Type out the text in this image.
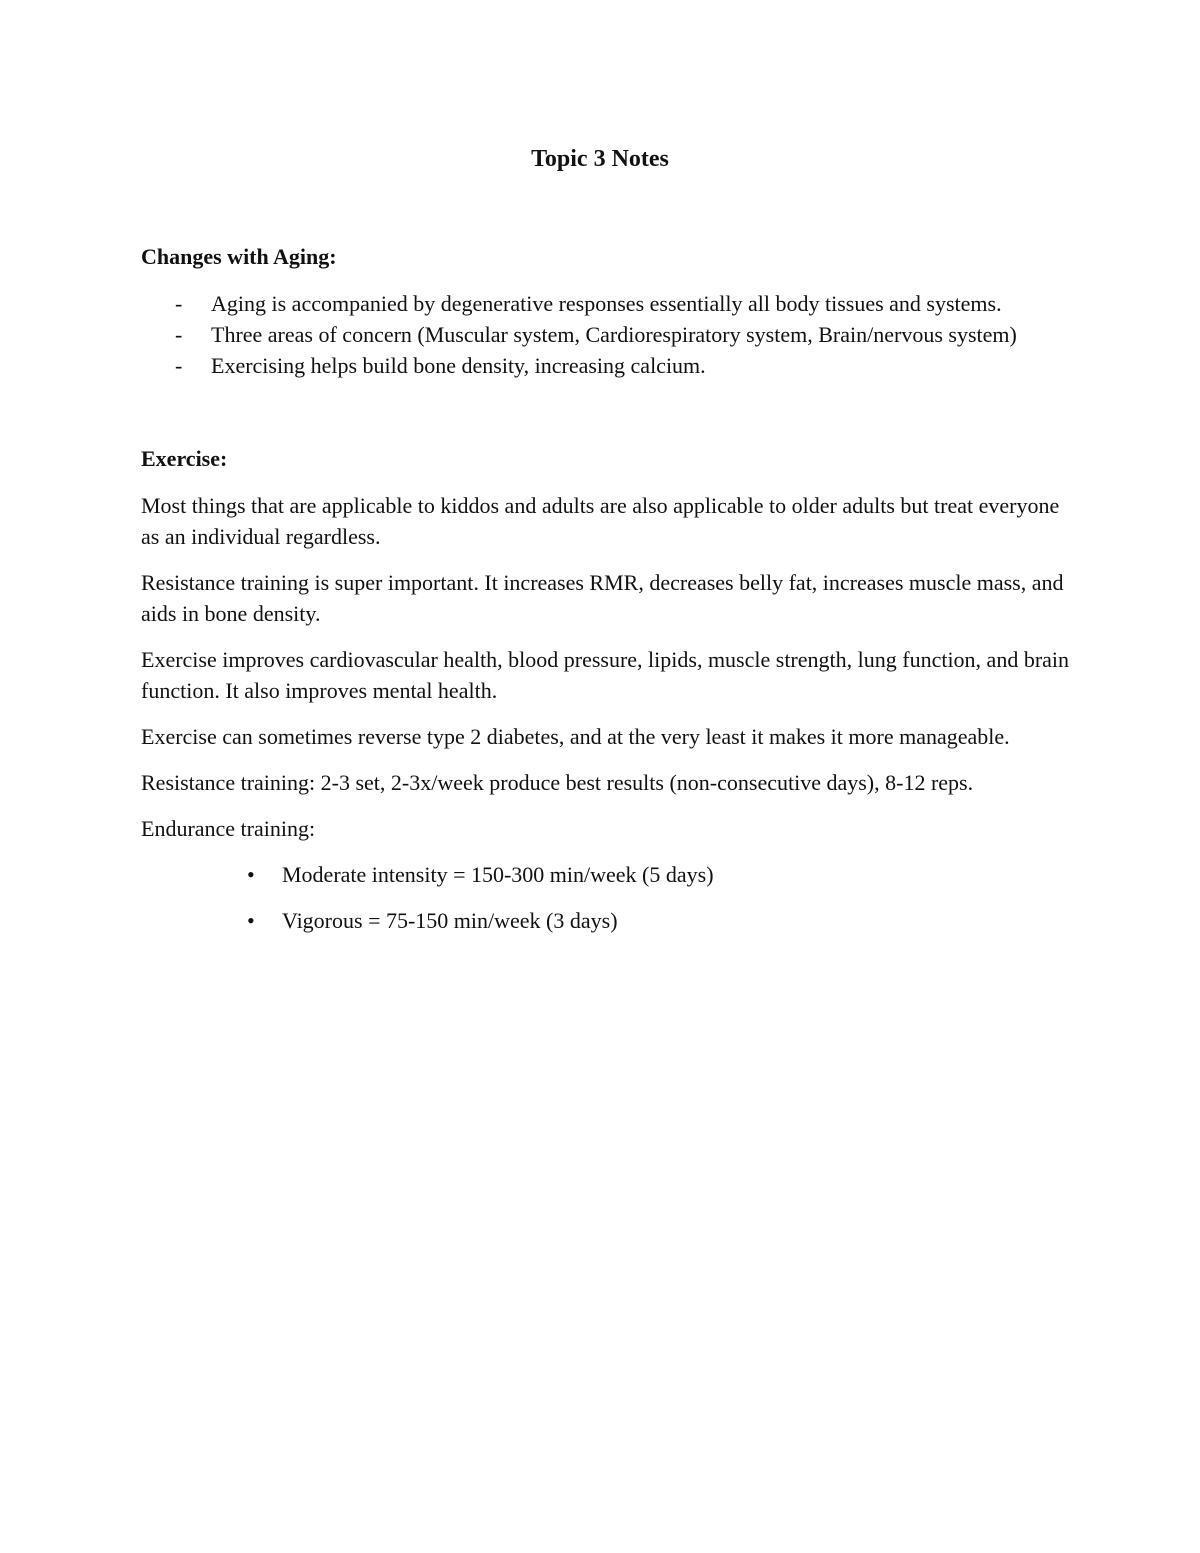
Topic 3 Notes

Changes with Aging:

- Aging is accompanied by degenerative responses essentially all body tissues and systems.
- Three areas of concern (Muscular system, Cardiorespiratory system, Brain/nervous system)
- Exercising helps build bone density, increasing calcium.

Exercise:

Most things that are applicable to kiddos and adults are also applicable to older adults but treat everyone as an individual regardless.

Resistance training is super important. It increases RMR, decreases belly fat, increases muscle mass, and aids in bone density.

Exercise improves cardiovascular health, blood pressure, lipids, muscle strength, lung function, and brain function. It also improves mental health.

Exercise can sometimes reverse type 2 diabetes, and at the very least it makes it more manageable.

Resistance training: 2-3 set, 2-3x/week produce best results (non-consecutive days), 8-12 reps.

Endurance training:

• Moderate intensity = 150-300 min/week (5 days)
• Vigorous = 75-150 min/week (3 days)
